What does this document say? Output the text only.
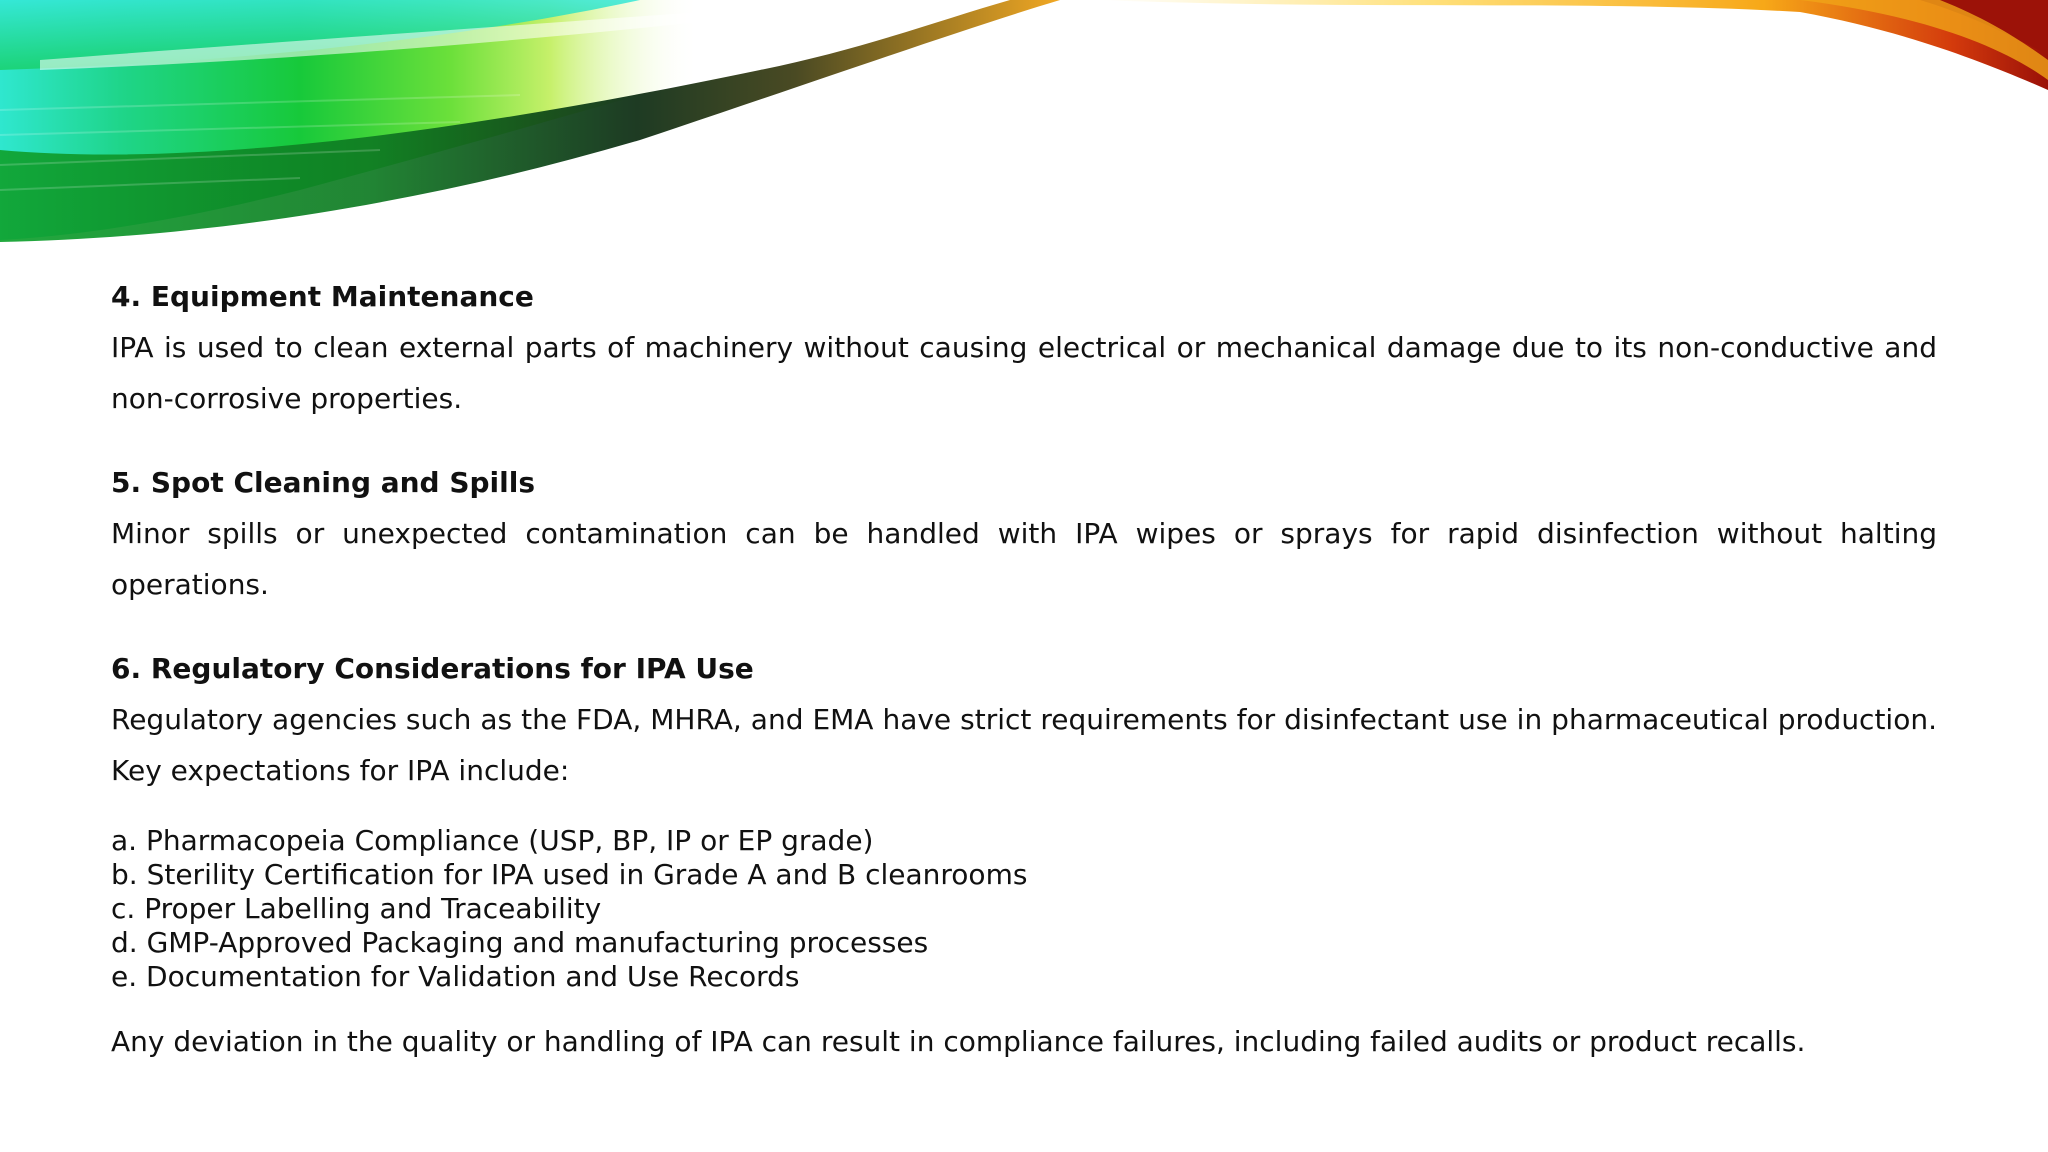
4. Equipment Maintenance

IPA is used to clean external parts of machinery without causing electrical or mechanical damage due to its non-conductive and non-corrosive properties.

5. Spot Cleaning and Spills

Minor spills or unexpected contamination can be handled with IPA wipes or sprays for rapid disinfection without halting operations.

6. Regulatory Considerations for IPA Use

Regulatory agencies such as the FDA, MHRA, and EMA have strict requirements for disinfectant use in pharmaceutical production. Key expectations for IPA include:

a. Pharmacopeia Compliance (USP, BP, IP or EP grade)

b. Sterility Certification for IPA used in Grade A and B cleanrooms

c. Proper Labelling and Traceability

d. GMP-Approved Packaging and manufacturing processes

e. Documentation for Validation and Use Records

Any deviation in the quality or handling of IPA can result in compliance failures, including failed audits or product recalls.
